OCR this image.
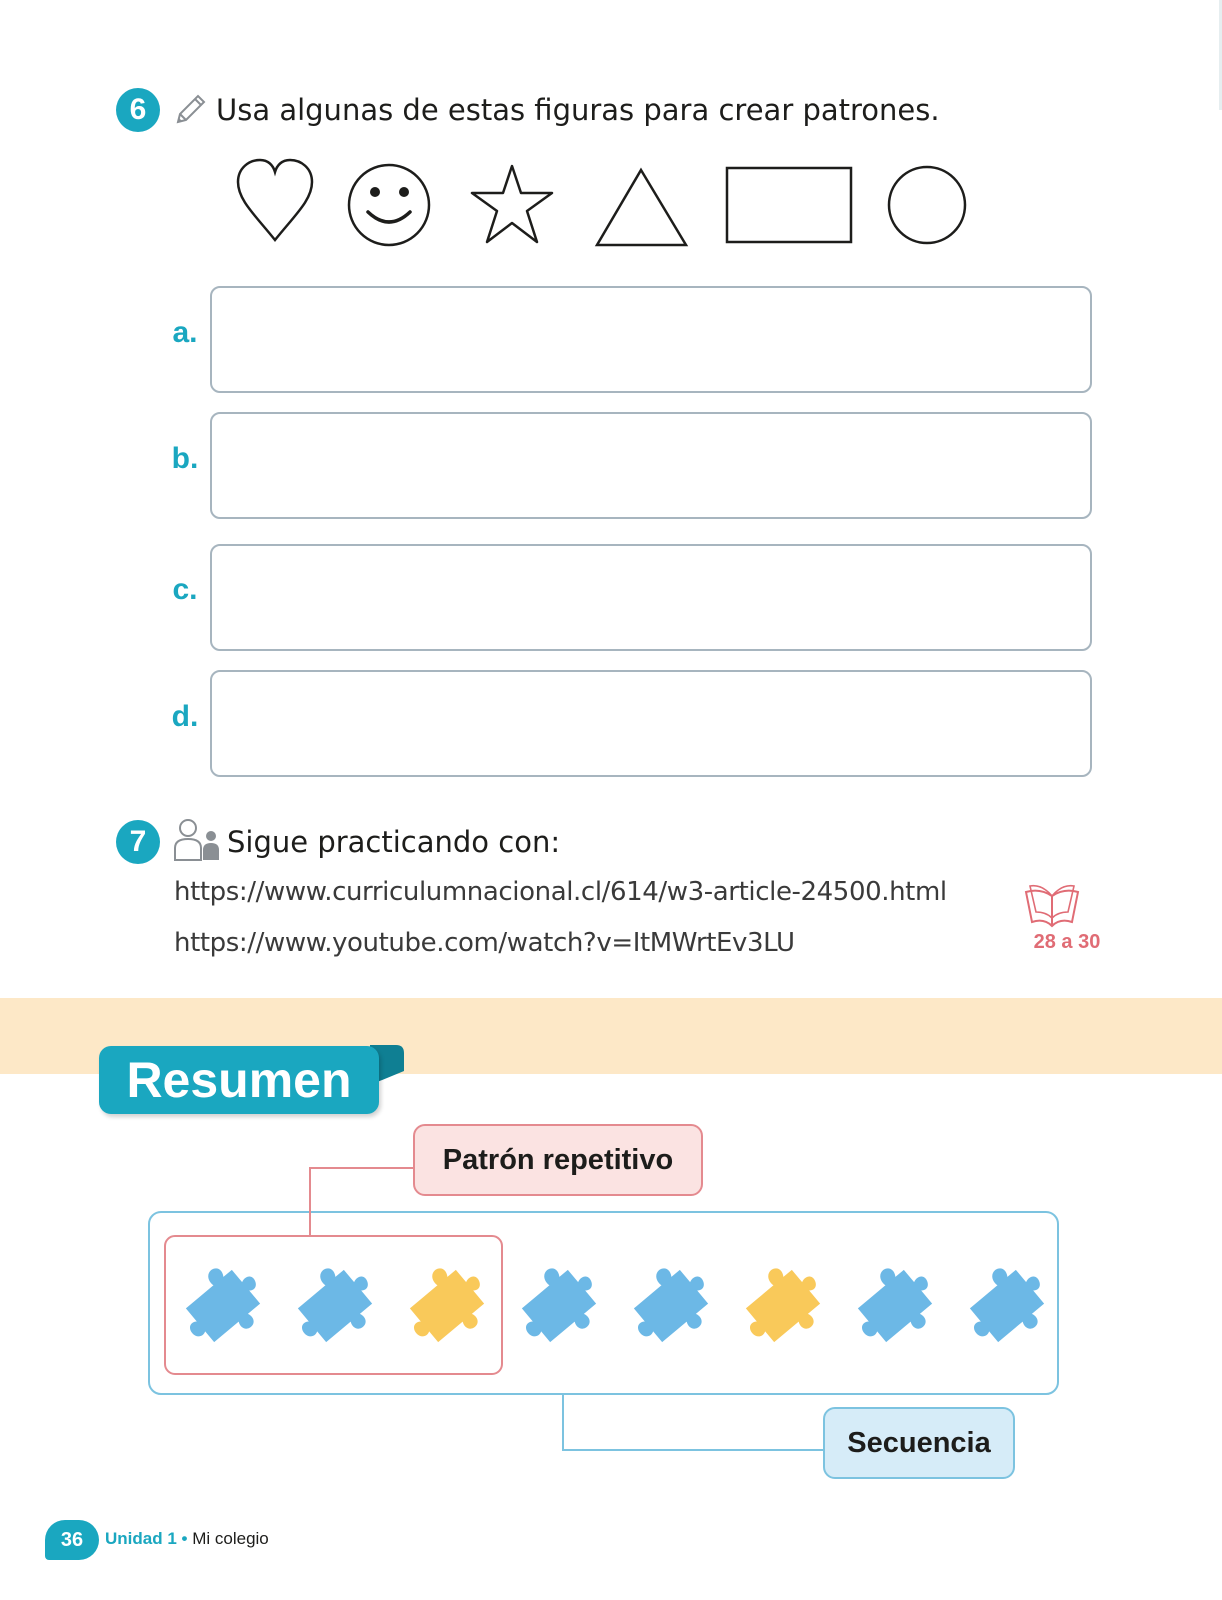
6	Usa algunas de estas figuras para crear patrones.
a.
b.
c.
d.
7	Sigue practicando con:
https://www.curriculumnacional.cl/614/w3-article-24500.html
https://www.youtube.com/watch?v=ItMWrtEv3LU	28 a 30
Resumen
Patrón repetitivo
Secuencia
36	Unidad 1 • Mi colegio
